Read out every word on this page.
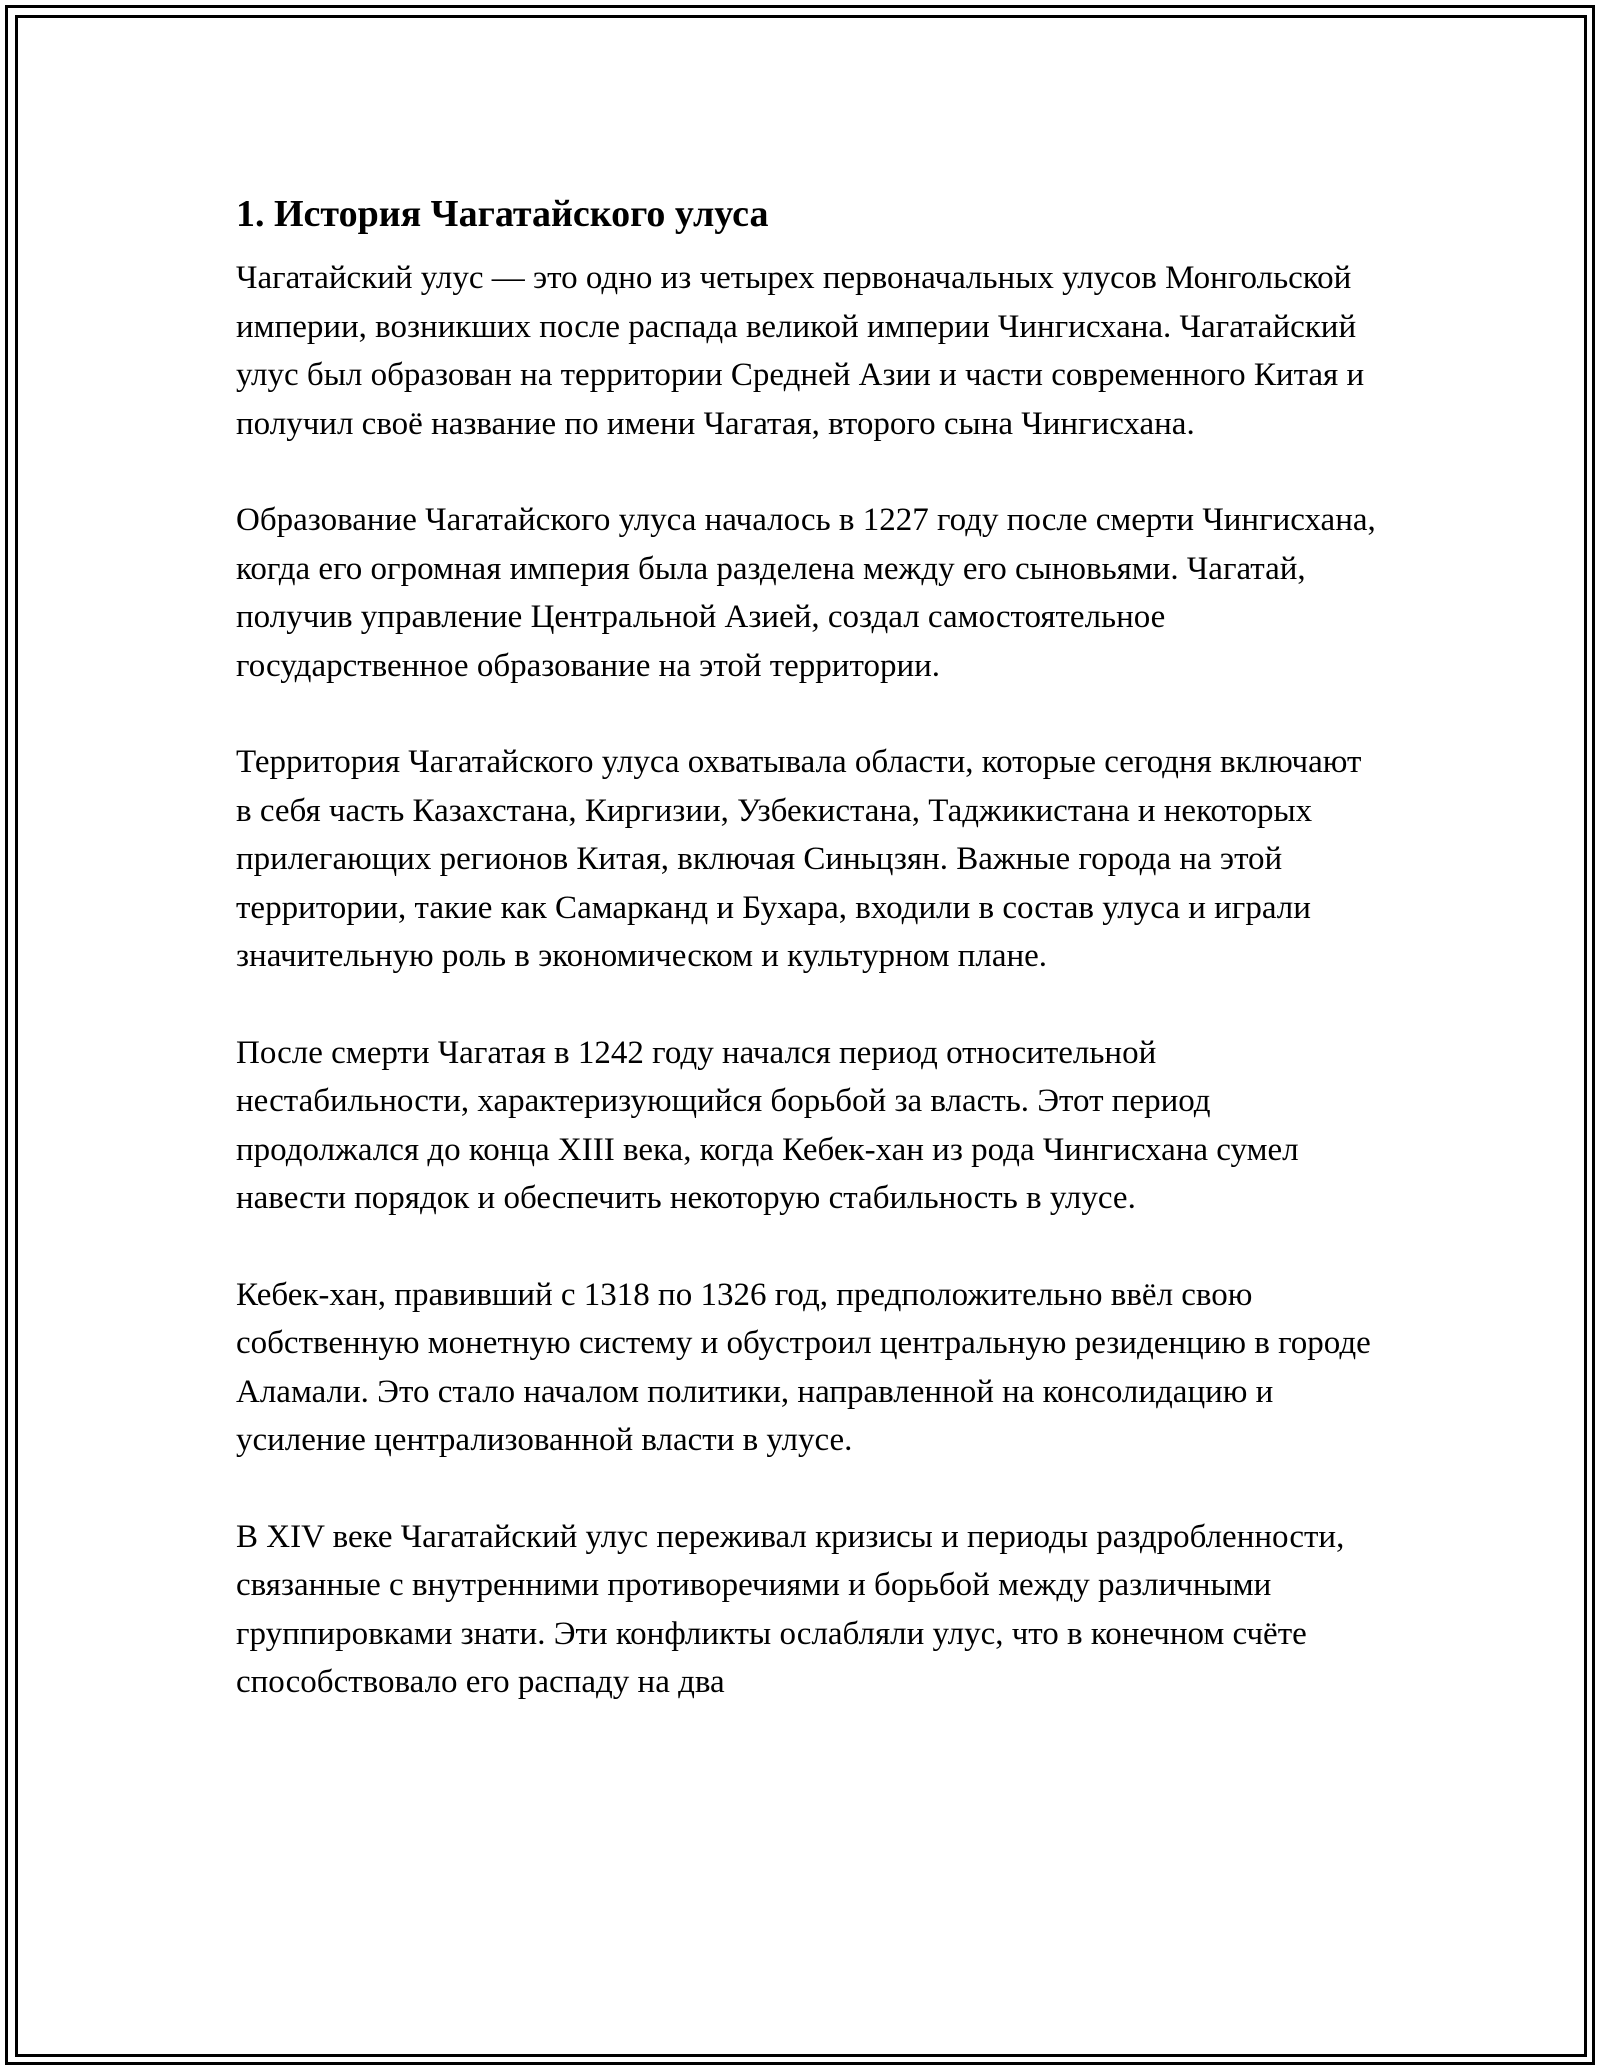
1. История Чагатайского улуса

Чагатайский улус — это одно из четырех первоначальных улусов Монгольской империи, возникших после распада великой империи Чингисхана. Чагатайский улус был образован на территории Средней Азии и части современного Китая и получил своё название по имени Чагатая, второго сына Чингисхана.

Образование Чагатайского улуса началось в 1227 году после смерти Чингисхана, когда его огромная империя была разделена между его сыновьями. Чагатай, получив управление Центральной Азией, создал самостоятельное государственное образование на этой территории.

Территория Чагатайского улуса охватывала области, которые сегодня включают в себя часть Казахстана, Киргизии, Узбекистана, Таджикистана и некоторых прилегающих регионов Китая, включая Синьцзян. Важные города на этой территории, такие как Самарканд и Бухара, входили в состав улуса и играли значительную роль в экономическом и культурном плане.

После смерти Чагатая в 1242 году начался период относительной нестабильности, характеризующийся борьбой за власть. Этот период продолжался до конца XIII века, когда Кебек-хан из рода Чингисхана сумел навести порядок и обеспечить некоторую стабильность в улусе.

Кебек-хан, правивший с 1318 по 1326 год, предположительно ввёл свою собственную монетную систему и обустроил центральную резиденцию в городе Аламали. Это стало началом политики, направленной на консолидацию и усиление централизованной власти в улусе.

В XIV веке Чагатайский улус переживал кризисы и периоды раздробленности, связанные с внутренними противоречиями и борьбой между различными группировками знати. Эти конфликты ослабляли улус, что в конечном счёте способствовало его распаду на два
